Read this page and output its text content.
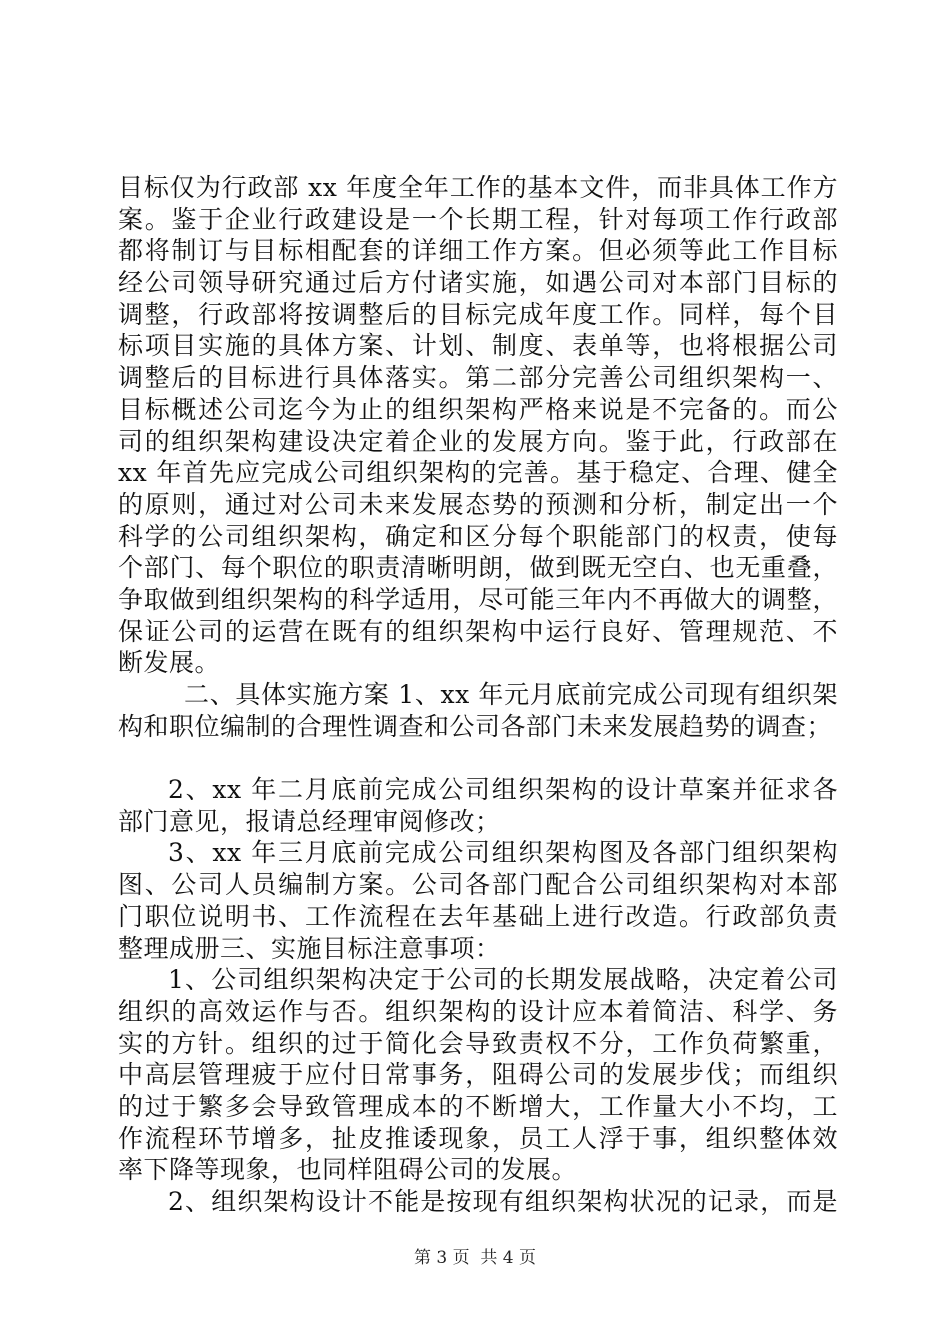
目标仅为行政部 xx 年度全年工作的基本文件，而非具体工作方
案。鉴于企业行政建设是一个长期工程，针对每项工作行政部
都将制订与目标相配套的详细工作方案。但必须等此工作目标
经公司领导研究通过后方付诸实施，如遇公司对本部门目标的
调整，行政部将按调整后的目标完成年度工作。同样，每个目
标项目实施的具体方案、计划、制度、表单等，也将根据公司
调整后的目标进行具体落实。第二部分完善公司组织架构一、
目标概述公司迄今为止的组织架构严格来说是不完备的。而公
司的组织架构建设决定着企业的发展方向。鉴于此，行政部在
xx 年首先应完成公司组织架构的完善。基于稳定、合理、健全
的原则，通过对公司未来发展态势的预测和分析，制定出一个
科学的公司组织架构，确定和区分每个职能部门的权责，使每
个部门、每个职位的职责清晰明朗，做到既无空白、也无重叠，
争取做到组织架构的科学适用，尽可能三年内不再做大的调整，
保证公司的运营在既有的组织架构中运行良好、管理规范、不
断发展。
二、具体实施方案 1、xx 年元月底前完成公司现有组织架
构和职位编制的合理性调查和公司各部门未来发展趋势的调查；
2、xx 年二月底前完成公司组织架构的设计草案并征求各
部门意见，报请总经理审阅修改；
3、xx 年三月底前完成公司组织架构图及各部门组织架构
图、公司人员编制方案。公司各部门配合公司组织架构对本部
门职位说明书、工作流程在去年基础上进行改造。行政部负责
整理成册三、实施目标注意事项：
1、公司组织架构决定于公司的长期发展战略，决定着公司
组织的高效运作与否。组织架构的设计应本着简洁、科学、务
实的方针。组织的过于简化会导致责权不分，工作负荷繁重，
中高层管理疲于应付日常事务，阻碍公司的发展步伐；而组织
的过于繁多会导致管理成本的不断增大，工作量大小不均，工
作流程环节增多，扯皮推诿现象，员工人浮于事，组织整体效
率下降等现象，也同样阻碍公司的发展。
2、组织架构设计不能是按现有组织架构状况的记录，而是
第 3 页  共 4 页
